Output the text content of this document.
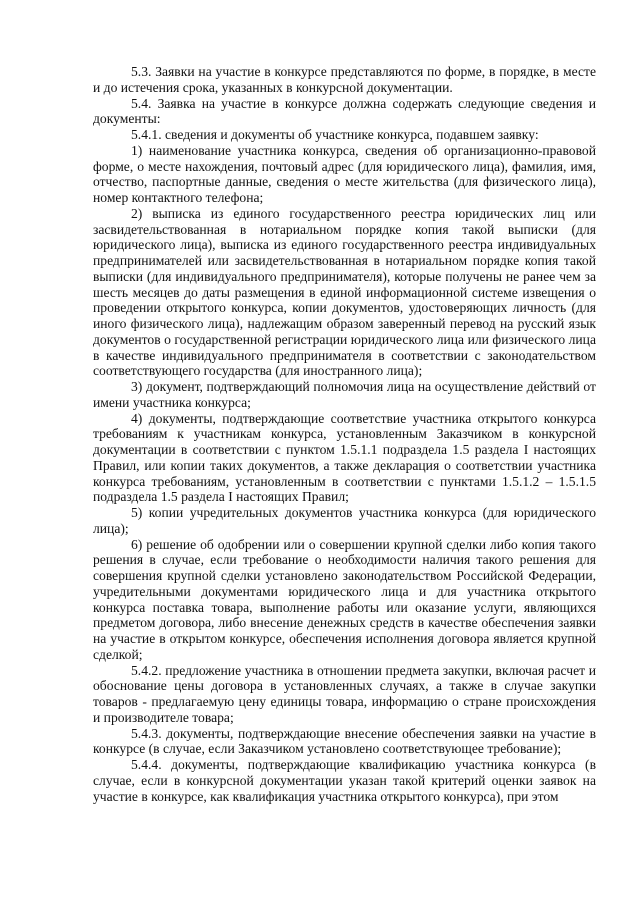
5.3. Заявки на участие в конкурсе представляются по форме, в порядке, в месте и до истечения срока, указанных в конкурсной документации.

5.4. Заявка на участие в конкурсе должна содержать следующие сведения и документы:

5.4.1. сведения и документы об участнике конкурса, подавшем заявку:

1) наименование участника конкурса, сведения об организационно-правовой форме, о месте нахождения, почтовый адрес (для юридического лица), фамилия, имя, отчество, паспортные данные, сведения о месте жительства (для физического лица), номер контактного телефона;

2) выписка из единого государственного реестра юридических лиц или засвидетельствованная в нотариальном порядке копия такой выписки (для юридического лица), выписка из единого государственного реестра индивидуальных предпринимателей или засвидетельствованная в нотариальном порядке копия такой выписки (для индивидуального предпринимателя), которые получены не ранее чем за шесть месяцев до даты размещения в единой информационной системе извещения о проведении открытого конкурса, копии документов, удостоверяющих личность (для иного физического лица), надлежащим образом заверенный перевод на русский язык документов о государственной регистрации юридического лица или физического лица в качестве индивидуального предпринимателя в соответствии с законодательством соответствующего государства (для иностранного лица);

3) документ, подтверждающий полномочия лица на осуществление действий от имени участника конкурса;

4) документы, подтверждающие соответствие участника открытого конкурса требованиям к участникам конкурса, установленным Заказчиком в конкурсной документации в соответствии с пунктом 1.5.1.1 подраздела 1.5 раздела I настоящих Правил, или копии таких документов, а также декларация о соответствии участника конкурса требованиям, установленным в соответствии с пунктами 1.5.1.2 – 1.5.1.5 подраздела 1.5 раздела I настоящих Правил;

5) копии учредительных документов участника конкурса (для юридического лица);

6) решение об одобрении или о совершении крупной сделки либо копия такого решения в случае, если требование о необходимости наличия такого решения для совершения крупной сделки установлено законодательством Российской Федерации, учредительными документами юридического лица и для участника открытого конкурса поставка товара, выполнение работы или оказание услуги, являющихся предметом договора, либо внесение денежных средств в качестве обеспечения заявки на участие в открытом конкурсе, обеспечения исполнения договора является крупной сделкой;

5.4.2. предложение участника в отношении предмета закупки, включая расчет и обоснование цены договора в установленных случаях, а также в случае закупки товаров - предлагаемую цену единицы товара, информацию о стране происхождения и производителе товара;

5.4.3. документы, подтверждающие внесение обеспечения заявки на участие в конкурсе (в случае, если Заказчиком установлено соответствующее требование);

5.4.4. документы, подтверждающие квалификацию участника конкурса (в случае, если в конкурсной документации указан такой критерий оценки заявок на участие в конкурсе, как квалификация участника открытого конкурса), при этом
